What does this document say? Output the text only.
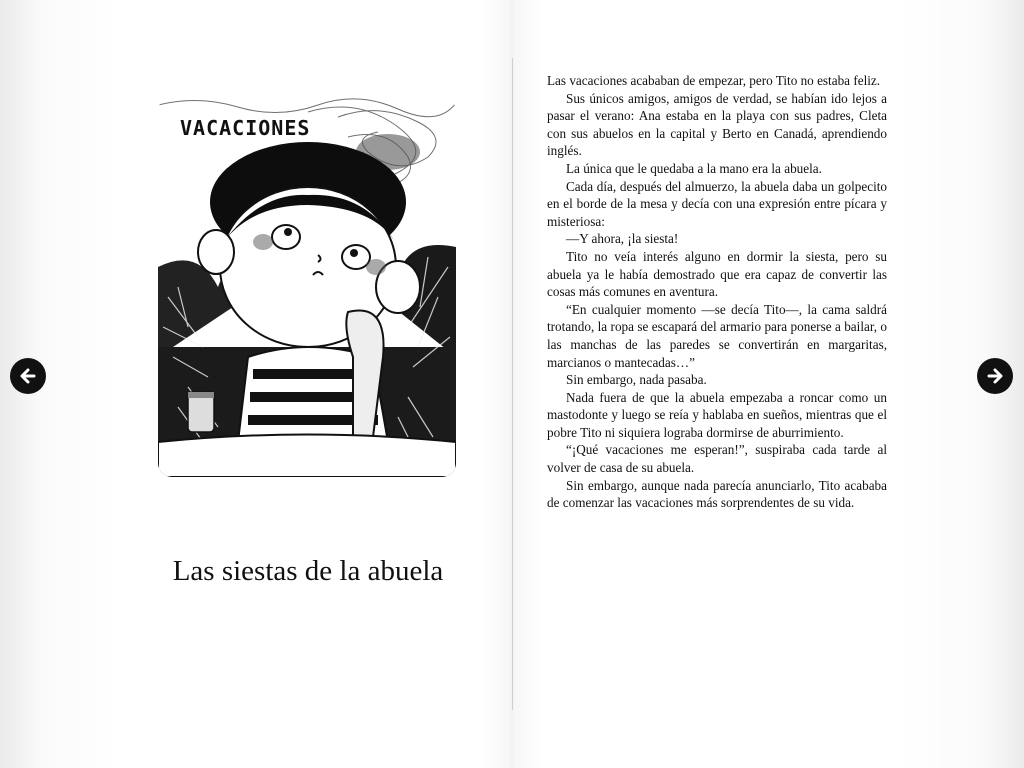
VACACIONES
Las siestas de la abuela

Las vacaciones acababan de empezar, pero Tito no estaba feliz.

Sus únicos amigos, amigos de verdad, se habían ido lejos a pasar el verano: Ana estaba en la playa con sus padres, Cleta con sus abuelos en la capital y Berto en Canadá, aprendiendo inglés.

La única que le quedaba a la mano era la abuela.

Cada día, después del almuerzo, la abuela daba un golpecito en el borde de la mesa y decía con una expresión entre pícara y misteriosa:

—Y ahora, ¡la siesta!

Tito no veía interés alguno en dormir la siesta, pero su abuela ya le había demostrado que era capaz de convertir las cosas más comunes en aventura.

“En cualquier momento —se decía Tito—, la cama saldrá trotando, la ropa se escapará del armario para ponerse a bailar, o las manchas de las paredes se convertirán en margaritas, marcianos o mantecadas…”

Sin embargo, nada pasaba.

Nada fuera de que la abuela empezaba a roncar como un mastodonte y luego se reía y hablaba en sueños, mientras que el pobre Tito ni siquiera lograba dormirse de aburrimiento.

“¡Qué vacaciones me esperan!”, suspiraba cada tarde al volver de casa de su abuela.

Sin embargo, aunque nada parecía anunciarlo, Tito acababa de comenzar las vacaciones más sorprendentes de su vida.
